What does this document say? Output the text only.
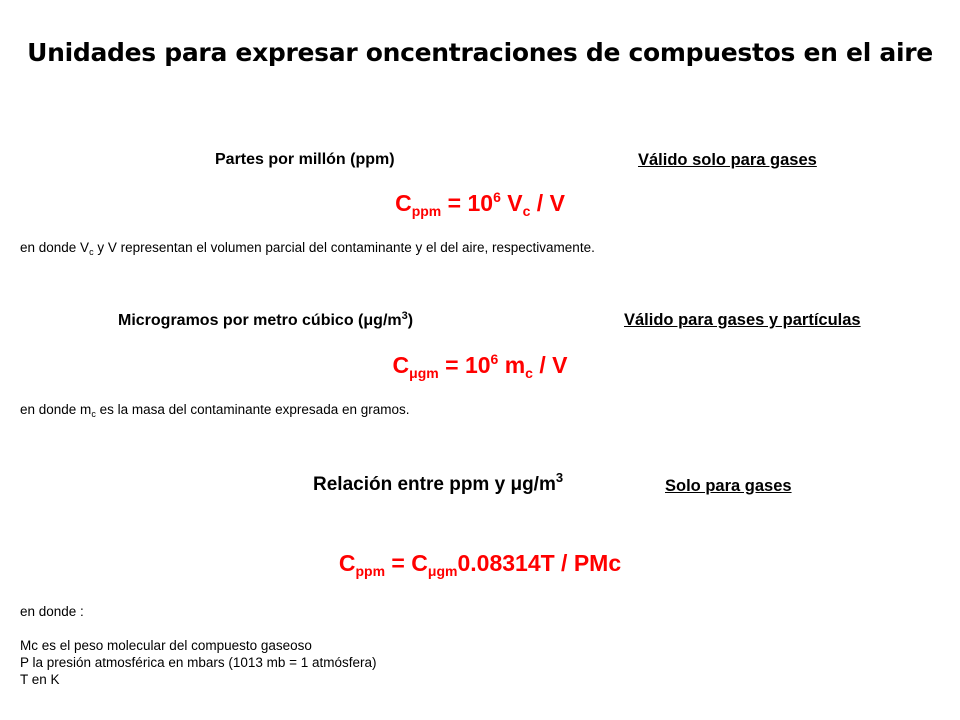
Unidades para expresar oncentraciones de compuestos en el aire
Partes por millón (ppm)	Válido solo para gases
$C_{ppm} = 10^6$ $V_c$ / V
en donde $V_c$ y V representan el volumen parcial del contaminante y el del aire, respectivamente.
Microgramos por metro cúbico $(\mu g/m^3)$	Válido para gases y partículas
$C_{\mu gm} = 10^6$ $m_c$ / V
en donde $m_c$ es la masa del contaminante expresada en gramos.
Relación entre ppm y $\mu g/m^3$	Solo para gases
$C_{ppm} = C_{\mu gm}0.08314T$ / PMc
en donde :
Mc es el peso molecular del compuesto gaseoso
P la presión atmosférica en mbars (1013 mb = 1 atmósfera)
T en K
